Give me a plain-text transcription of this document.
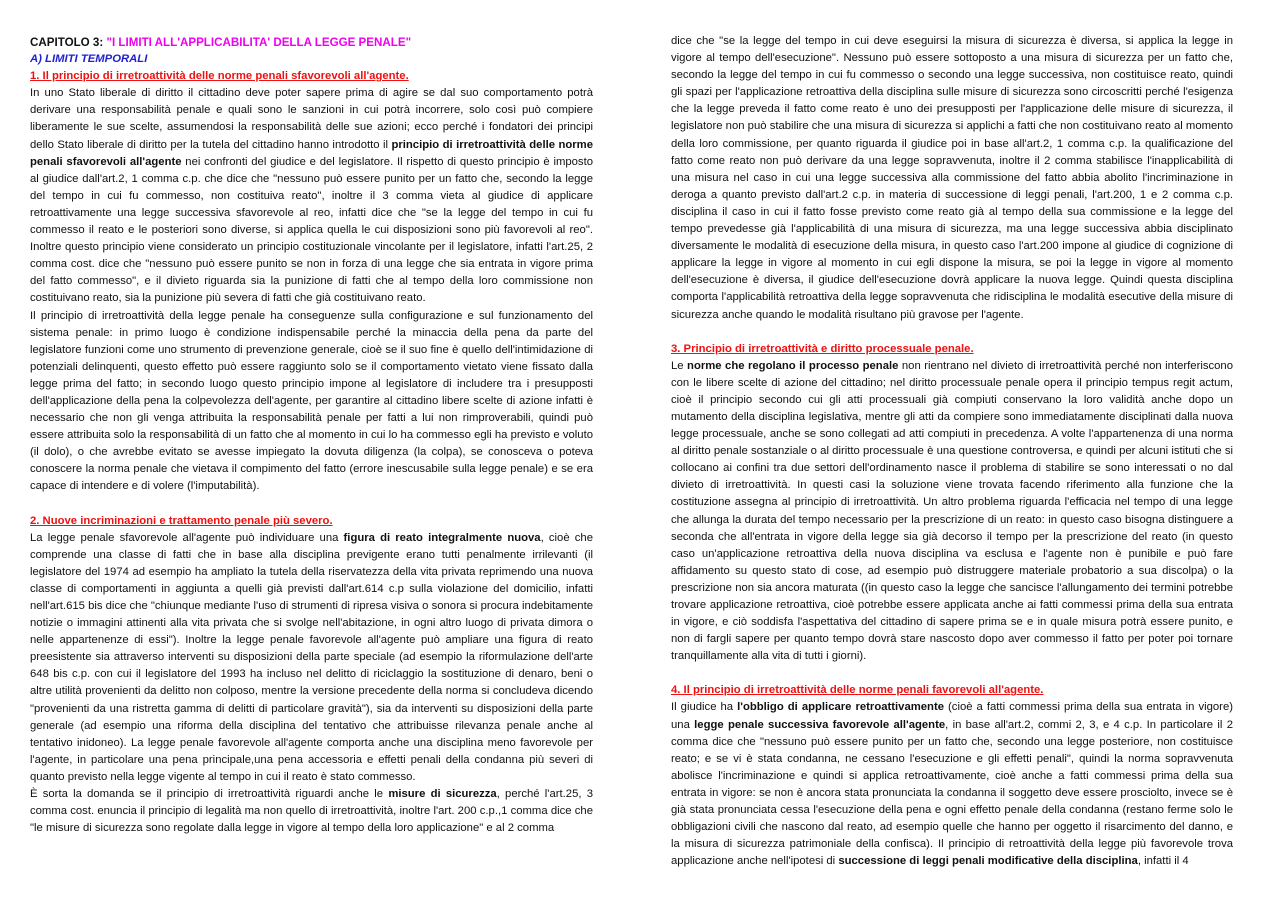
CAPITOLO 3: "I LIMITI ALL'APPLICABILITA' DELLA LEGGE PENALE"

A) LIMITI TEMPORALI

1. Il principio di irretroattività delle norme penali sfavorevoli all'agente.

In uno Stato liberale di diritto il cittadino deve poter sapere prima di agire se dal suo comportamento potrà derivare una responsabilità penale e quali sono le sanzioni in cui potrà incorrere, solo così può compiere liberamente le sue scelte, assumendosi la responsabilità delle sue azioni; ecco perché i fondatori dei principi dello Stato liberale di diritto per la tutela del cittadino hanno introdotto il principio di irretroattività delle norme penali sfavorevoli all'agente nei confronti del giudice e del legislatore. Il rispetto di questo principio è imposto al giudice dall'art.2, 1 comma c.p. che dice che "nessuno può essere punito per un fatto che, secondo la legge del tempo in cui fu commesso, non costituiva reato", inoltre il 3 comma vieta al giudice di applicare retroattivamente una legge successiva sfavorevole al reo, infatti dice che "se la legge del tempo in cui fu commesso il reato e le posteriori sono diverse, si applica quella le cui disposizioni sono più favorevoli al reo". Inoltre questo principio viene considerato un principio costituzionale vincolante per il legislatore, infatti l'art.25, 2 comma cost. dice che "nessuno può essere punito se non in forza di una legge che sia entrata in vigore prima del fatto commesso", e il divieto riguarda sia la punizione di fatti che al tempo della loro commissione non costituivano reato, sia la punizione più severa di fatti che già costituivano reato.

Il principio di irretroattività della legge penale ha conseguenze sulla configurazione e sul funzionamento del sistema penale: in primo luogo è condizione indispensabile perché la minaccia della pena da parte del legislatore funzioni come uno strumento di prevenzione generale, cioè se il suo fine è quello dell'intimidazione di potenziali delinquenti, questo effetto può essere raggiunto solo se il comportamento vietato viene fissato dalla legge prima del fatto; in secondo luogo questo principio impone al legislatore di includere tra i presupposti dell'applicazione della pena la colpevolezza dell'agente, per garantire al cittadino libere scelte di azione infatti è necessario che non gli venga attribuita la responsabilità penale per fatti a lui non rimproverabili, quindi può essere attribuita solo la responsabilità di un fatto che al momento in cui lo ha commesso egli ha previsto e voluto (il dolo), o che avrebbe evitato se avesse impiegato la dovuta diligenza (la colpa), se conosceva o poteva conoscere la norma penale che vietava il compimento del fatto (errore inescusabile sulla legge penale) e se era capace di intendere e di volere (l'imputabilità).

2. Nuove incriminazioni e trattamento penale più severo.

La legge penale sfavorevole all'agente può individuare una figura di reato integralmente nuova, cioè che comprende una classe di fatti che in base alla disciplina previgente erano tutti penalmente irrilevanti (il legislatore del 1974 ad esempio ha ampliato la tutela della riservatezza della vita privata reprimendo una nuova classe di comportamenti in aggiunta a quelli già previsti dall'art.614 c.p sulla violazione del domicilio, infatti nell'art.615 bis dice che "chiunque mediante l'uso di strumenti di ripresa visiva o sonora si procura indebitamente notizie o immagini attinenti alla vita privata che si svolge nell'abitazione, in ogni altro luogo di privata dimora o nelle appartenenze di essi"). Inoltre la legge penale favorevole all'agente può ampliare una figura di reato preesistente sia attraverso interventi su disposizioni della parte speciale (ad esempio la riformulazione dell'arte 648 bis c.p. con cui il legislatore del 1993 ha incluso nel delitto di riciclaggio la sostituzione di denaro, beni o altre utilità provenienti da delitto non colposo, mentre la versione precedente della norma si concludeva dicendo "provenienti da una ristretta gamma di delitti di particolare gravità"), sia da interventi su disposizioni della parte generale (ad esempio una riforma della disciplina del tentativo che attribuisse rilevanza penale anche al tentativo inidoneo). La legge penale favorevole all'agente comporta anche una disciplina meno favorevole per l'agente, in particolare una pena principale,una pena accessoria e effetti penali della condanna più severi di quanto previsto nella legge vigente al tempo in cui il reato è stato commesso.

È sorta la domanda se il principio di irretroattività riguardi anche le misure di sicurezza, perché l'art.25, 3 comma cost. enuncia il principio di legalità ma non quello di irretroattività, inoltre l'art. 200 c.p.,1 comma dice che "le misure di sicurezza sono regolate dalla legge in vigore al tempo della loro applicazione" e al 2 comma

dice che "se la legge del tempo in cui deve eseguirsi la misura di sicurezza è diversa, si applica la legge in vigore al tempo dell'esecuzione". Nessuno può essere sottoposto a una misura di sicurezza per un fatto che, secondo la legge del tempo in cui fu commesso o secondo una legge successiva, non costituisce reato, quindi gli spazi per l'applicazione retroattiva della disciplina sulle misure di sicurezza sono circoscritti perché l'esigenza che la legge preveda il fatto come reato è uno dei presupposti per l'applicazione delle misure di sicurezza, il legislatore non può stabilire che una misura di sicurezza si applichi a fatti che non costituivano reato al momento della loro commissione, per quanto riguarda il giudice poi in base all'art.2, 1 comma c.p. la qualificazione del fatto come reato non può derivare da una legge sopravvenuta, inoltre il 2 comma stabilisce l'inapplicabilità di una misura nel caso in cui una legge successiva alla commissione del fatto abbia abolito l'incriminazione in deroga a quanto previsto dall'art.2 c.p. in materia di successione di leggi penali, l'art.200, 1 e 2 comma c.p. disciplina il caso in cui il fatto fosse previsto come reato già al tempo della sua commissione e la legge del tempo prevedesse già l'applicabilità di una misura di sicurezza, ma una legge successiva abbia disciplinato diversamente le modalità di esecuzione della misura, in questo caso l'art.200 impone al giudice di cognizione di applicare la legge in vigore al momento in cui egli dispone la misura, se poi la legge in vigore al momento dell'esecuzione è diversa, il giudice dell'esecuzione dovrà applicare la nuova legge. Quindi questa disciplina comporta l'applicabilità retroattiva della legge sopravvenuta che ridisciplina le modalità esecutive della misure di sicurezza anche quando le modalità risultano più gravose per l'agente.

3. Principio di irretroattività e diritto processuale penale.

Le norme che regolano il processo penale non rientrano nel divieto di irretroattività perché non interferiscono con le libere scelte di azione del cittadino; nel diritto processuale penale opera il principio tempus regit actum, cioè il principio secondo cui gli atti processuali già compiuti conservano la loro validità anche dopo un mutamento della disciplina legislativa, mentre gli atti da compiere sono immediatamente disciplinati dalla nuova legge processuale, anche se sono collegati ad atti compiuti in precedenza. A volte l'appartenenza di una norma al diritto penale sostanziale o al diritto processuale è una questione controversa, e quindi per alcuni istituti che si collocano ai confini tra due settori dell'ordinamento nasce il problema di stabilire se sono interessati o no dal divieto di irretroattività. In questi casi la soluzione viene trovata facendo riferimento alla funzione che la costituzione assegna al principio di irretroattività. Un altro problema riguarda l'efficacia nel tempo di una legge che allunga la durata del tempo necessario per la prescrizione di un reato: in questo caso bisogna distinguere a seconda che all'entrata in vigore della legge sia già decorso il tempo per la prescrizione del reato (in questo caso un'applicazione retroattiva della nuova disciplina va esclusa e l'agente non è punibile e può fare affidamento su questo stato di cose, ad esempio può distruggere materiale probatorio a sua discolpa) o la prescrizione non sia ancora maturata ((in questo caso la legge che sancisce l'allungamento dei termini potrebbe trovare applicazione retroattiva, cioè potrebbe essere applicata anche ai fatti commessi prima della sua entrata in vigore, e ciò soddisfa l'aspettativa del cittadino di sapere prima se e in quale misura potrà essere punito, e non di fargli sapere per quanto tempo dovrà stare nascosto dopo aver commesso il fatto per poter poi tornare tranquillamente alla vita di tutti i giorni).

4. Il principio di irretroattività delle norme penali favorevoli all'agente.

Il giudice ha l'obbligo di applicare retroattivamente (cioè a fatti commessi prima della sua entrata in vigore) una legge penale successiva favorevole all'agente, in base all'art.2, commi 2, 3, e 4 c.p. In particolare il 2 comma dice che "nessuno può essere punito per un fatto che, secondo una legge posteriore, non costituisce reato; e se vi è stata condanna, ne cessano l'esecuzione e gli effetti penali", quindi la norma sopravvenuta abolisce l'incriminazione e quindi si applica retroattivamente, cioè anche a fatti commessi prima della sua entrata in vigore: se non è ancora stata pronunciata la condanna il soggetto deve essere prosciolto, invece se è già stata pronunciata cessa l'esecuzione della pena e ogni effetto penale della condanna (restano ferme solo le obbligazioni civili che nascono dal reato, ad esempio quelle che hanno per oggetto il risarcimento del danno, e la misura di sicurezza patrimoniale della confisca). Il principio di retroattività della legge più favorevole trova applicazione anche nell'ipotesi di successione di leggi penali modificative della disciplina, infatti il 4
